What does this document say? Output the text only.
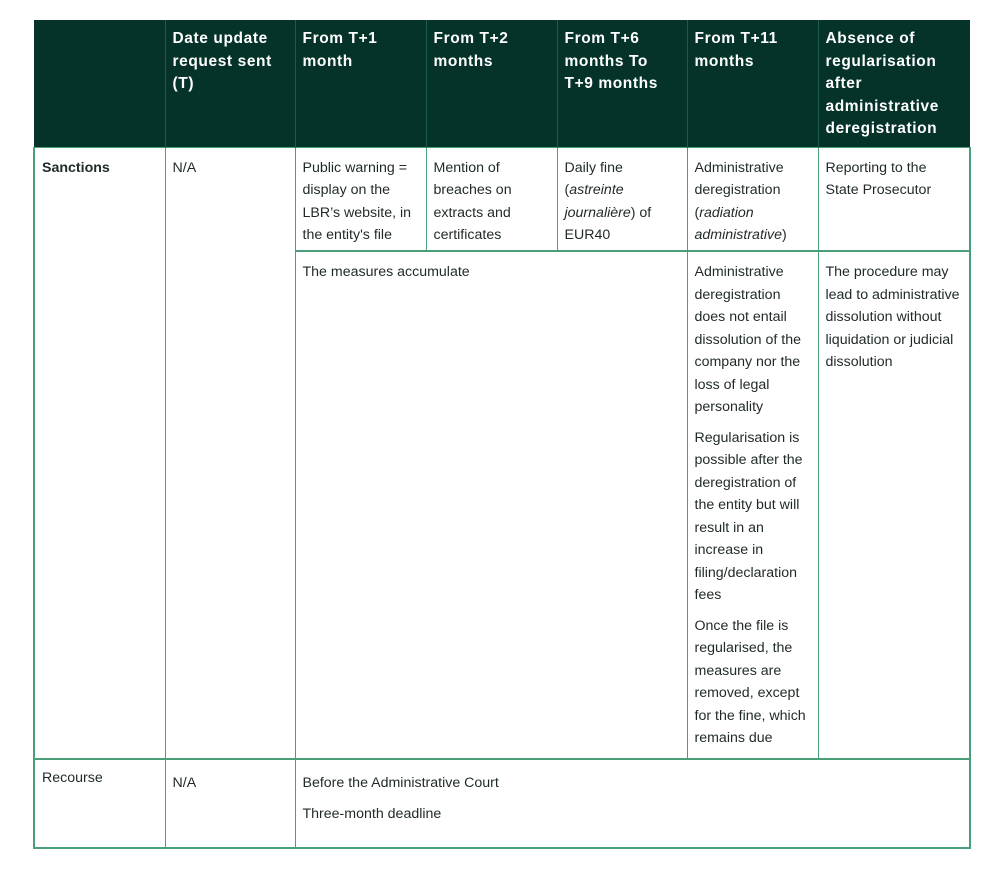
	Date update request sent (T)	From T+1 month	From T+2 months	From T+6 months To T+9 months	From T+11 months	Absence of regularisation after administrative deregistration
Sanctions	N/A	Public warning = display on the LBR’s website, in the entity's file	Mention of breaches on extracts and certificates	Daily fine (astreinte journalière) of EUR40	Administrative deregistration (radiation administrative)	Reporting to the State Prosecutor
		The measures accumulate			Administrative deregistration does not entail dissolution of the company nor the loss of legal personality

Regularisation is possible after the deregistration of the entity but will result in an increase in filing/declaration fees

Once the file is regularised, the measures are removed, except for the fine, which remains due	The procedure may lead to administrative dissolution without liquidation or judicial dissolution
Recourse	N/A	Before the Administrative Court
Three-month deadline				
